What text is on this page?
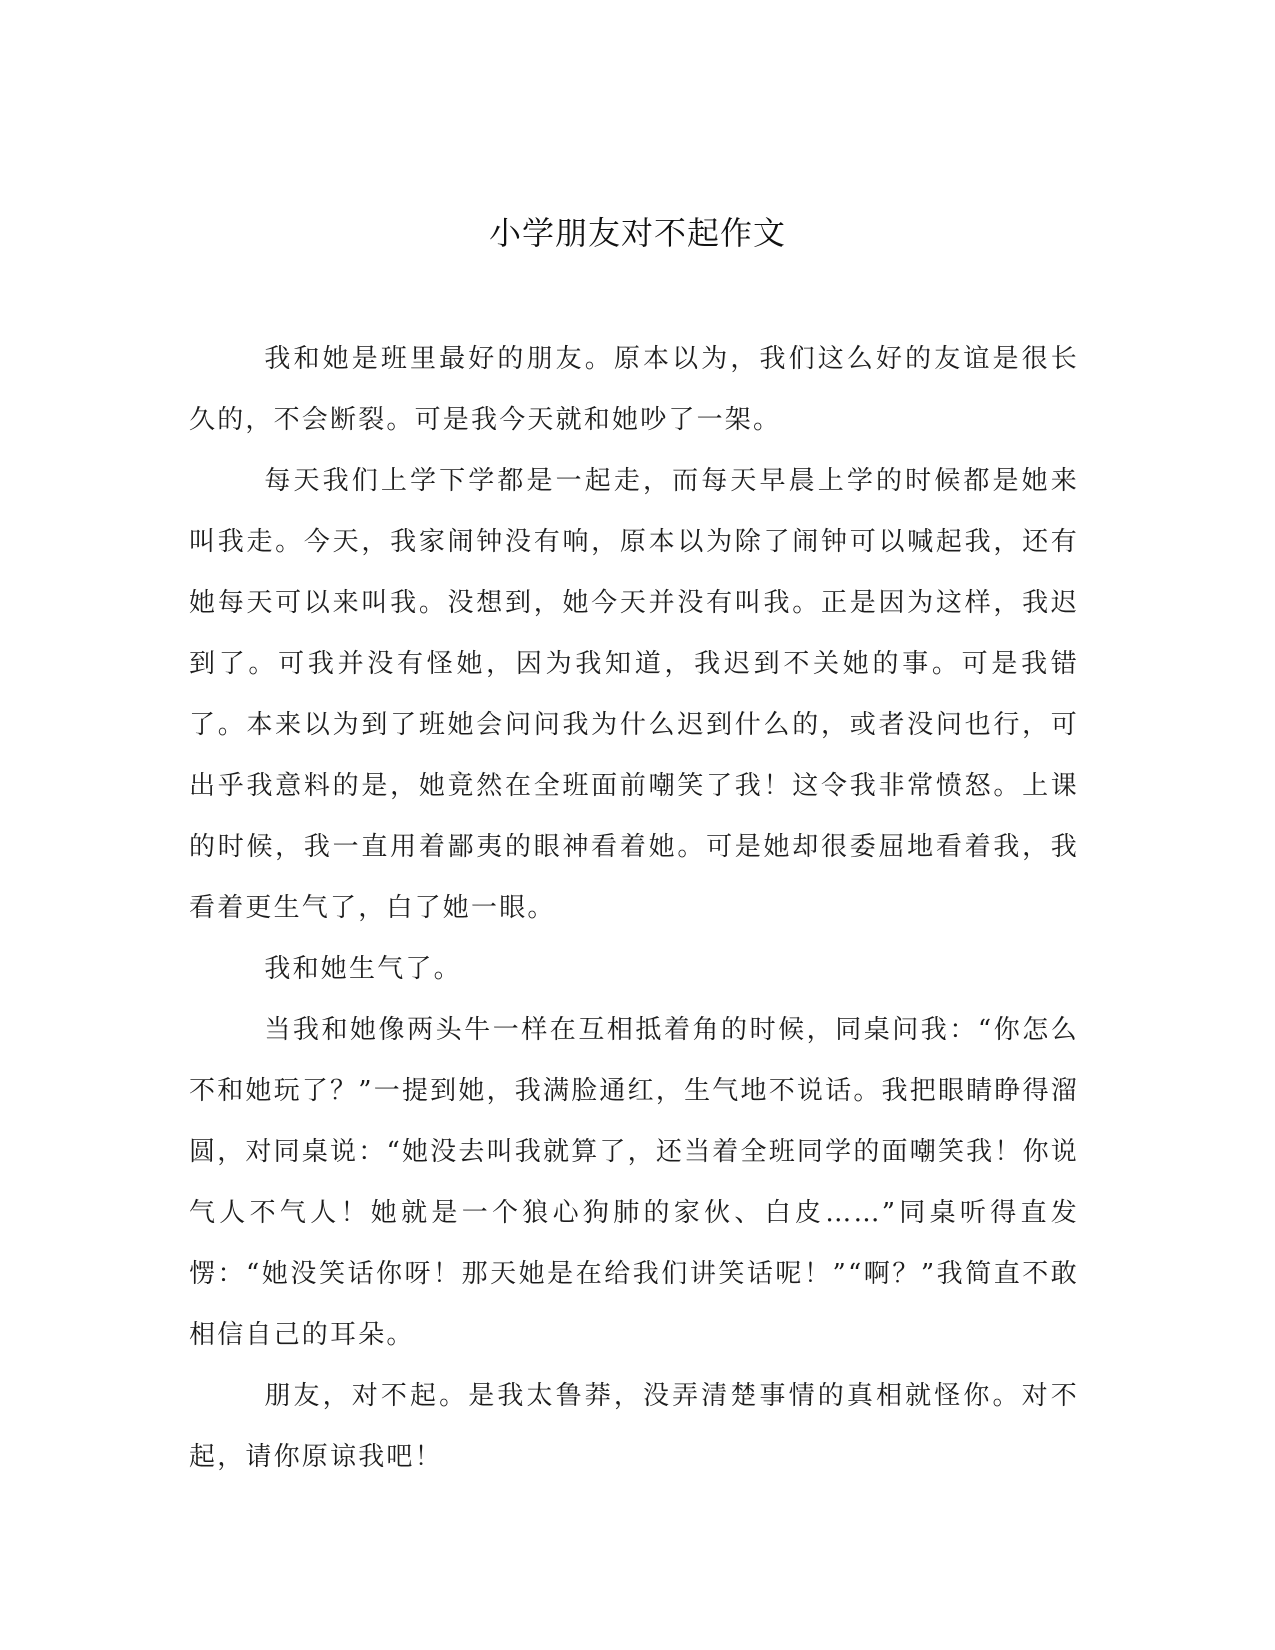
小学朋友对不起作文

我和她是班里最好的朋友。原本以为，我们这么好的友谊是很长久的，不会断裂。可是我今天就和她吵了一架。

每天我们上学下学都是一起走，而每天早晨上学的时候都是她来叫我走。今天，我家闹钟没有响，原本以为除了闹钟可以喊起我，还有她每天可以来叫我。没想到，她今天并没有叫我。正是因为这样，我迟到了。可我并没有怪她，因为我知道，我迟到不关她的事。可是我错了。本来以为到了班她会问问我为什么迟到什么的，或者没问也行，可出乎我意料的是，她竟然在全班面前嘲笑了我！这令我非常愤怒。上课的时候，我一直用着鄙夷的眼神看着她。可是她却很委屈地看着我，我看着更生气了，白了她一眼。

我和她生气了。

当我和她像两头牛一样在互相抵着角的时候，同桌问我：“你怎么不和她玩了？”一提到她，我满脸通红，生气地不说话。我把眼睛睁得溜圆，对同桌说：“她没去叫我就算了，还当着全班同学的面嘲笑我！你说气人不气人！她就是一个狼心狗肺的家伙、白皮……”同桌听得直发愣：“她没笑话你呀！那天她是在给我们讲笑话呢！”“啊？”我简直不敢相信自己的耳朵。

朋友，对不起。是我太鲁莽，没弄清楚事情的真相就怪你。对不起，请你原谅我吧！
